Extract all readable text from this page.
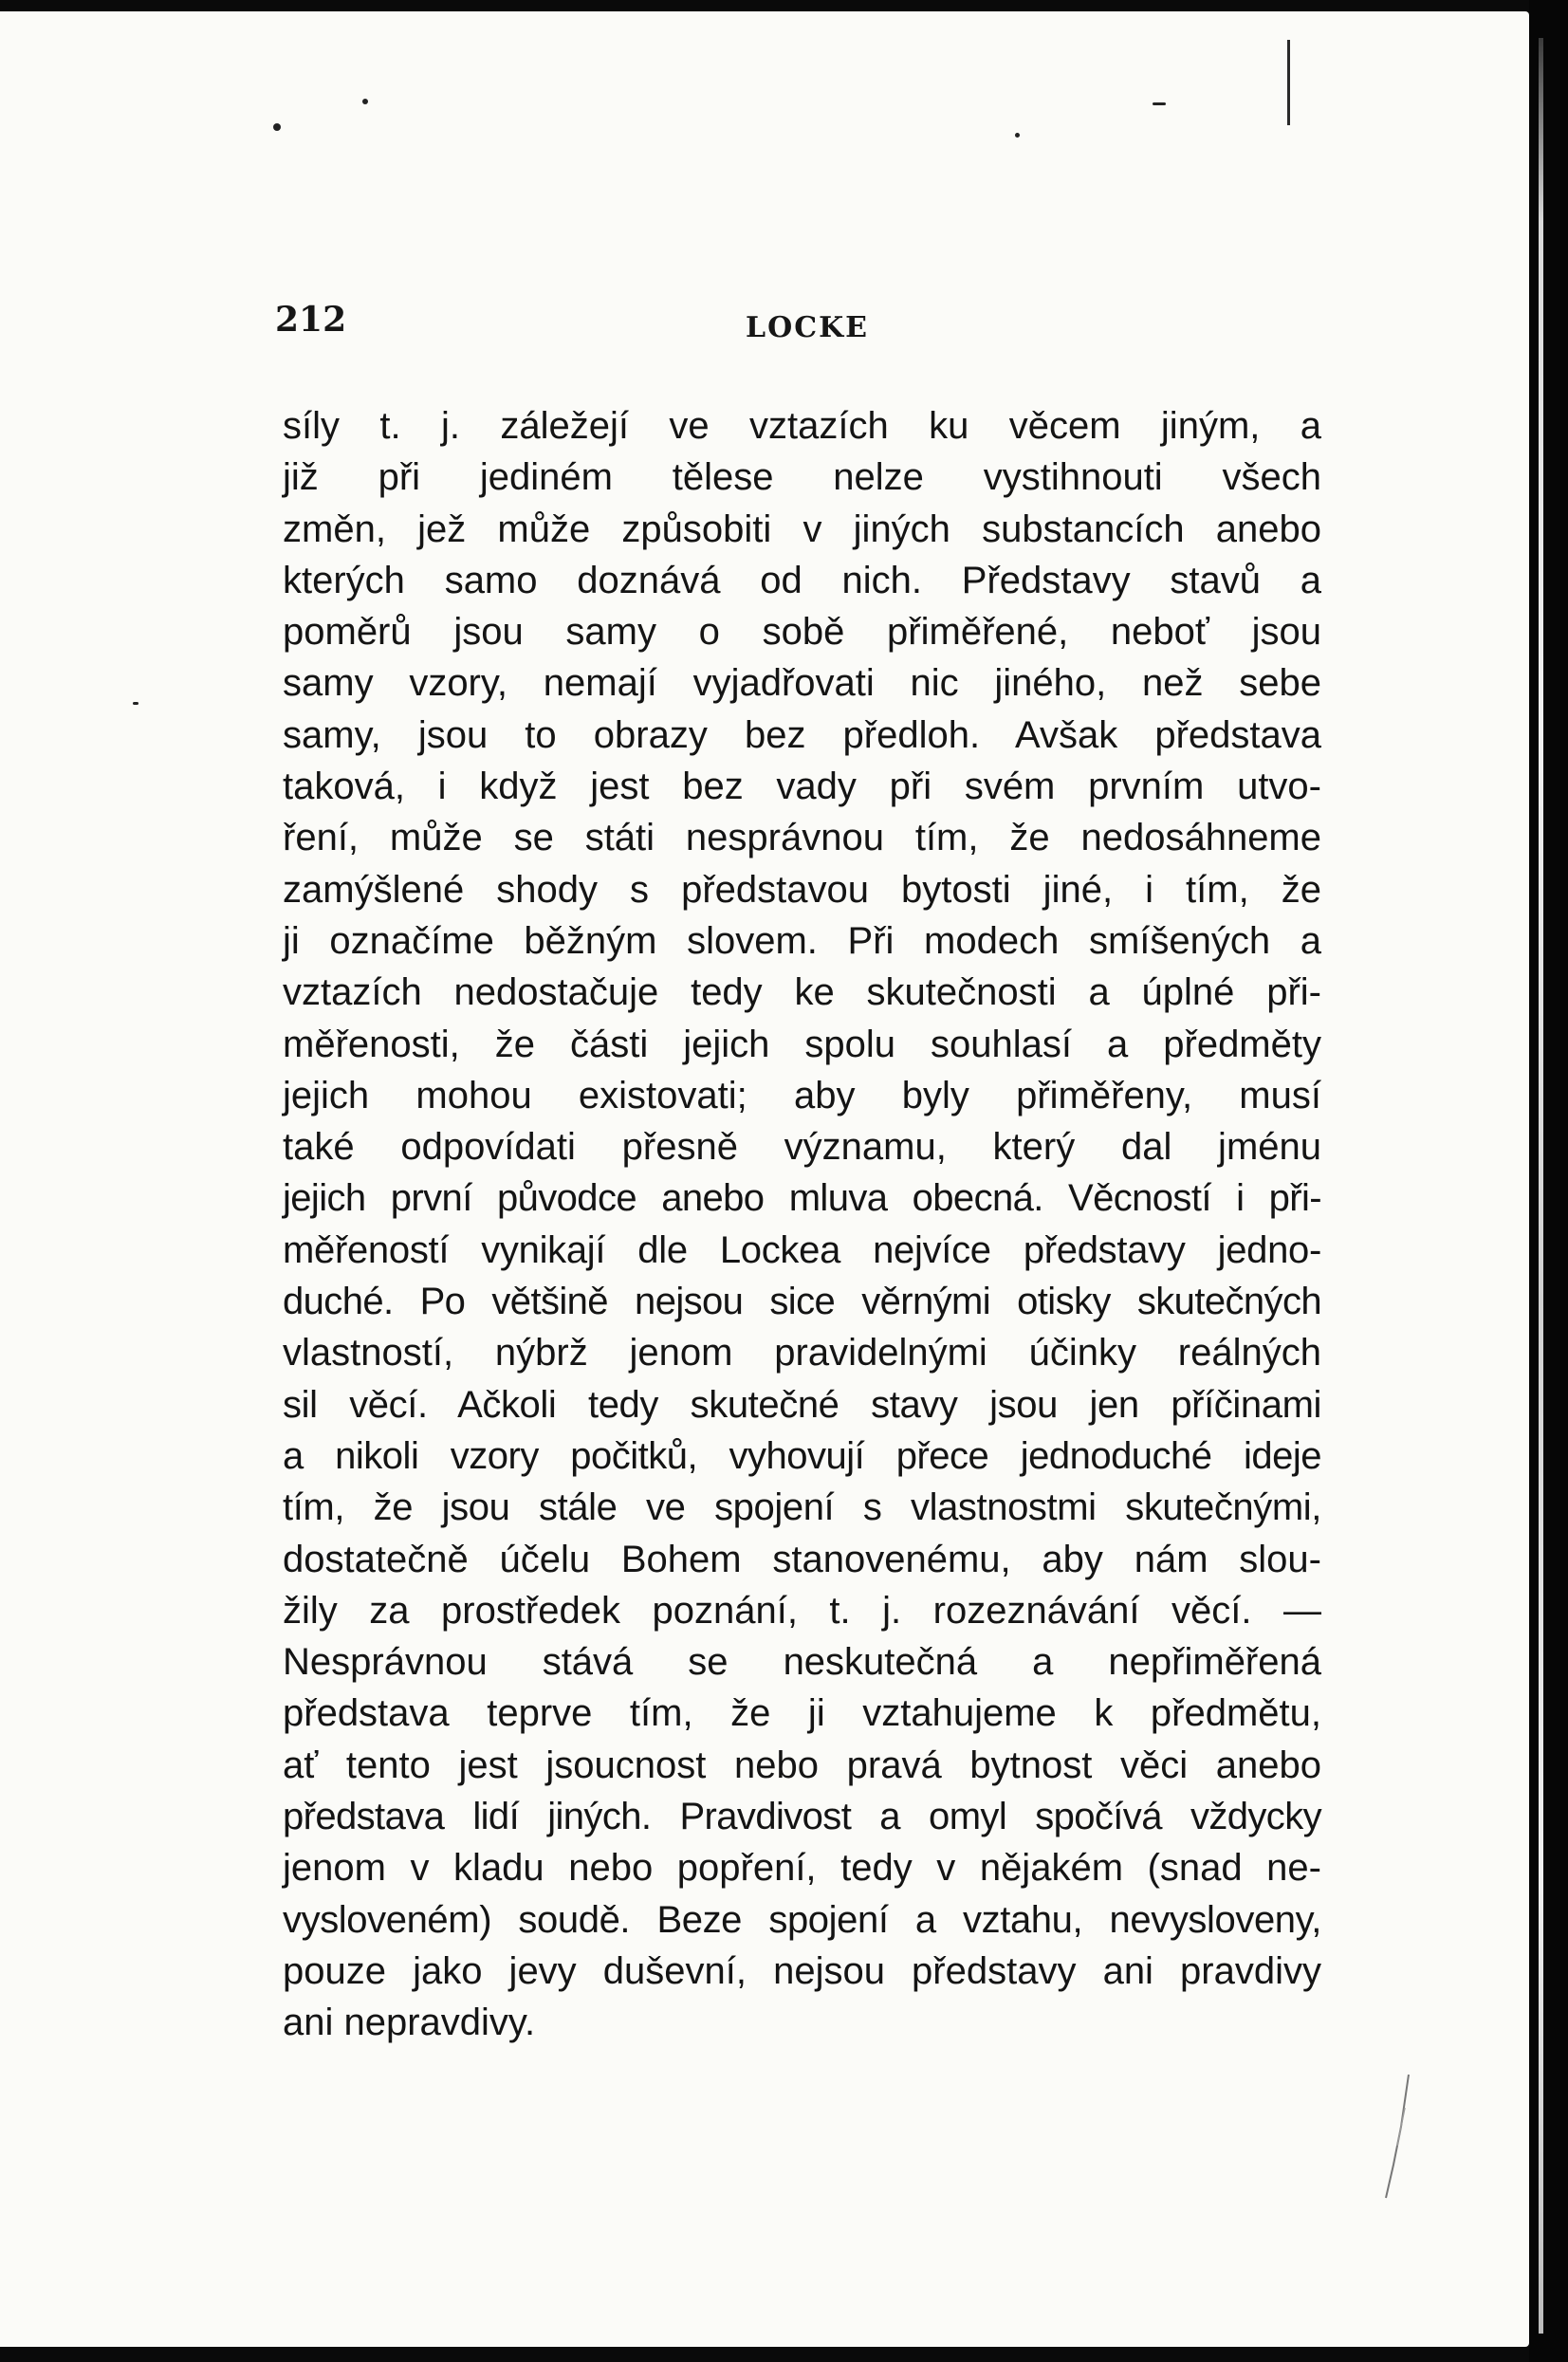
212	LOCKE
síly t. j. záležejí ve vztazích ku věcem jiným, a
již při jediném tělese nelze vystihnouti všech
změn, jež může způsobiti v jiných substancích anebo
kterých samo doznává od nich. Představy stavů a
poměrů jsou samy o sobě přiměřené, neboť jsou
samy vzory, nemají vyjadřovati nic jiného, než sebe
samy, jsou to obrazy bez předloh. Avšak představa
taková, i když jest bez vady při svém prvním utvo-
ření, může se státi nesprávnou tím, že nedosáhneme
zamýšlené shody s představou bytosti jiné, i tím, že
ji označíme běžným slovem. Při modech smíšených a
vztazích nedostačuje tedy ke skutečnosti a úplné při-
měřenosti, že části jejich spolu souhlasí a předměty
jejich mohou existovati; aby byly přiměřeny, musí
také odpovídati přesně významu, který dal jménu
jejich první původce anebo mluva obecná. Věcností i při-
měřeností vynikají dle Lockea nejvíce představy jedno-
duché. Po většině nejsou sice věrnými otisky skutečných
vlastností, nýbrž jenom pravidelnými účinky reálných
sil věcí. Ačkoli tedy skutečné stavy jsou jen příčinami
a nikoli vzory počitků, vyhovují přece jednoduché ideje
tím, že jsou stále ve spojení s vlastnostmi skutečnými,
dostatečně účelu Bohem stanovenému, aby nám slou-
žily za prostředek poznání, t. j. rozeznávání věcí. —
Nesprávnou stává se neskutečná a nepřiměřená
představa teprve tím, že ji vztahujeme k předmětu,
ať tento jest jsoucnost nebo pravá bytnost věci anebo
představa lidí jiných. Pravdivost a omyl spočívá vždycky
jenom v kladu nebo popření, tedy v nějakém (snad ne-
vysloveném) soudě. Beze spojení a vztahu, nevysloveny,
pouze jako jevy duševní, nejsou představy ani pravdivy
ani nepravdivy.
